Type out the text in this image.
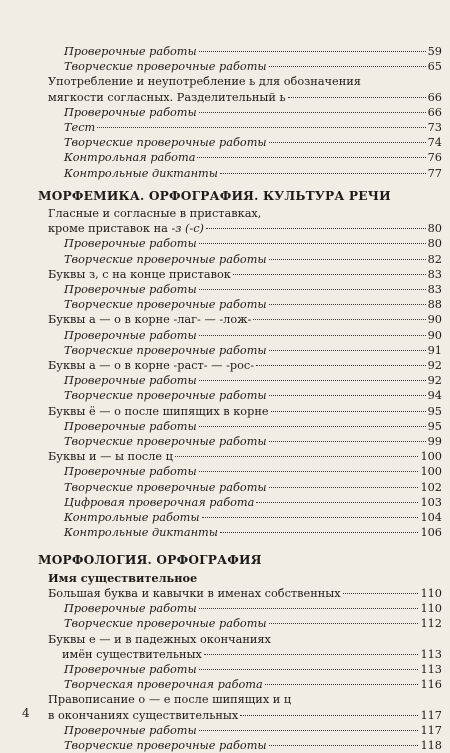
Проверочные работы	59
Творческие проверочные работы	65
Употребление и неупотребление ь для обозначения
мягкости согласных. Разделительный ь	66
Проверочные работы	66
Тест	73
Творческие проверочные работы	74
Контрольная работа	76
Контрольные диктанты	77
МОРФЕМИКА. ОРФОГРАФИЯ. КУЛЬТУРА РЕЧИ
Гласные и согласные в приставках,
кроме приставок на -з (-с)	80
Проверочные работы	80
Творческие проверочные работы	82
Буквы з, с на конце приставок	83
Проверочные работы	83
Творческие проверочные работы	88
Буквы а — о в корне -лаг- — -лож-	90
Проверочные работы	90
Творческие проверочные работы	91
Буквы а — о в корне -раст- — -рос-	92
Проверочные работы	92
Творческие проверочные работы	94
Буквы ё — о после шипящих в корне	95
Проверочные работы	95
Творческие проверочные работы	99
Буквы и — ы после ц	100
Проверочные работы	100
Творческие проверочные работы	102
Цифровая проверочная работа	103
Контрольные работы	104
Контрольные диктанты	106
МОРФОЛОГИЯ. ОРФОГРАФИЯ
Имя существительное
Большая буква и кавычки в именах собственных	110
Проверочные работы	110
Творческие проверочные работы	112
Буквы е — и в падежных окончаниях
имён существительных	113
Проверочные работы	113
Творческая проверочная работа	116
Правописание о — е после шипящих и ц
в окончаниях существительных	117
Проверочные работы	117
Творческие проверочные работы	118
4
